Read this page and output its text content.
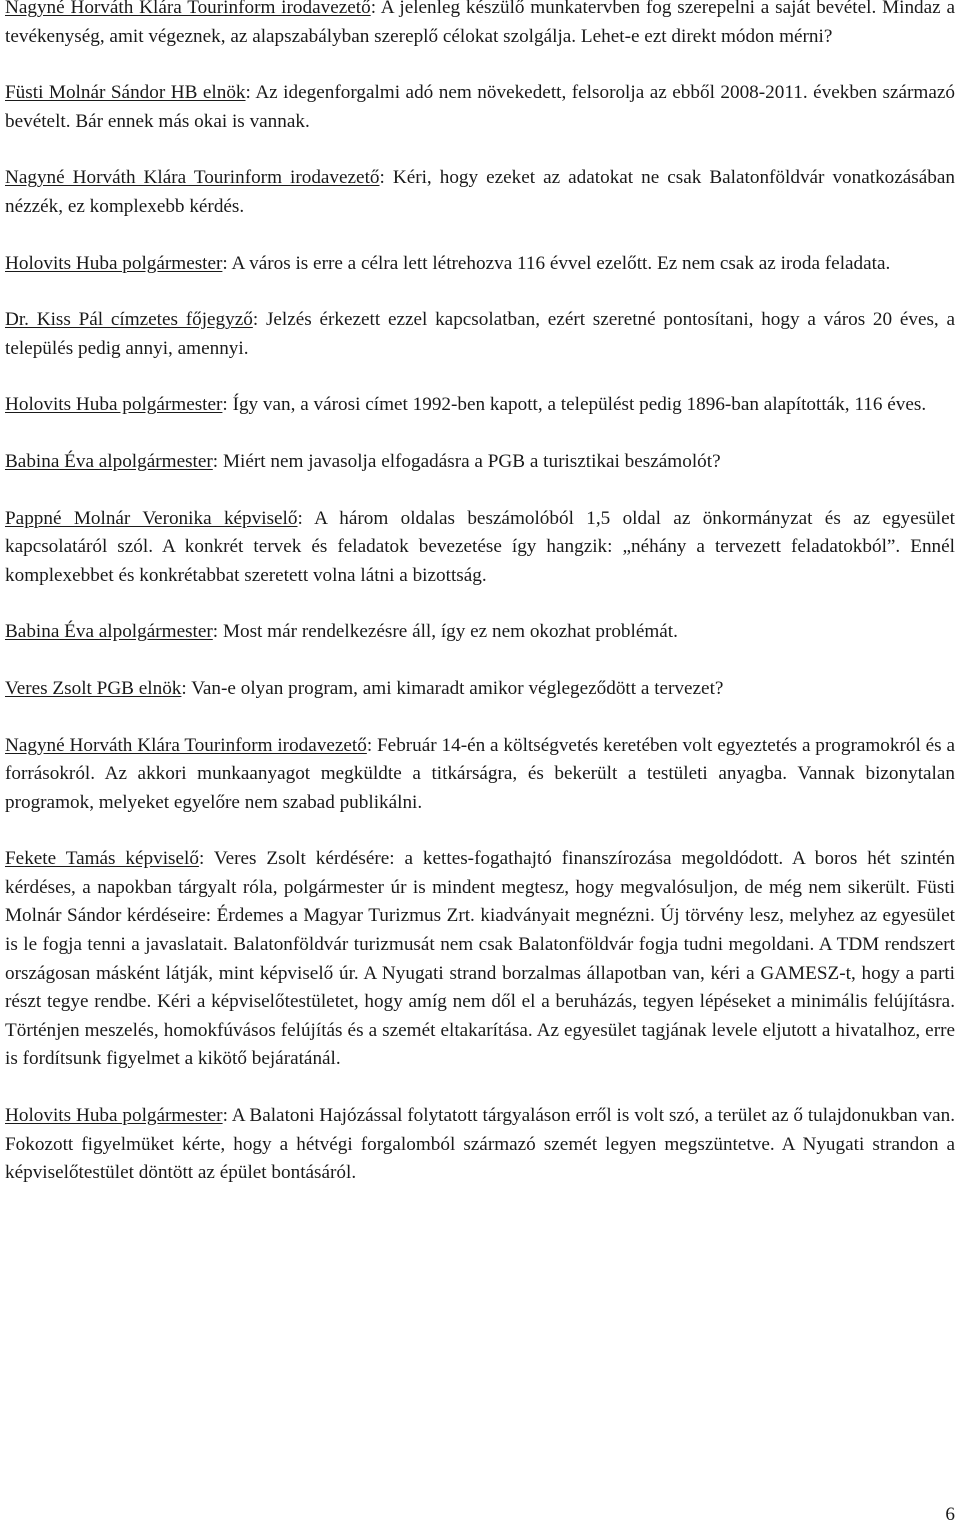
Nagyné Horváth Klára Tourinform irodavezető: A jelenleg készülő munkatervben fog szerepelni a saját bevétel. Mindaz a tevékenység, amit végeznek, az alapszabályban szereplő célokat szolgálja. Lehet-e ezt direkt módon mérni?

Füsti Molnár Sándor HB elnök: Az idegenforgalmi adó nem növekedett, felsorolja az ebből 2008-2011. években származó bevételt. Bár ennek más okai is vannak.

Nagyné Horváth Klára Tourinform irodavezető: Kéri, hogy ezeket az adatokat ne csak Balatonföldvár vonatkozásában nézzék, ez komplexebb kérdés.

Holovits Huba polgármester: A város is erre a célra lett létrehozva 116 évvel ezelőtt. Ez nem csak az iroda feladata.

Dr. Kiss Pál címzetes főjegyző: Jelzés érkezett ezzel kapcsolatban, ezért szeretné pontosítani, hogy a város 20 éves, a település pedig annyi, amennyi.

Holovits Huba polgármester: Így van, a városi címet 1992-ben kapott, a települést pedig 1896-ban alapították, 116 éves.

Babina Éva alpolgármester: Miért nem javasolja elfogadásra a PGB a turisztikai beszámolót?

Pappné Molnár Veronika képviselő: A három oldalas beszámolóból 1,5 oldal az önkormányzat és az egyesület kapcsolatáról szól. A konkrét tervek és feladatok bevezetése így hangzik: „néhány a tervezett feladatokból”. Ennél komplexebbet és konkrétabbat szeretett volna látni a bizottság.

Babina Éva alpolgármester: Most már rendelkezésre áll, így ez nem okozhat problémát.

Veres Zsolt PGB elnök: Van-e olyan program, ami kimaradt amikor véglegeződött a tervezet?

Nagyné Horváth Klára Tourinform irodavezető: Február 14-én a költségvetés keretében volt egyeztetés a programokról és a forrásokról. Az akkori munkaanyagot megküldte a titkárságra, és bekerült a testületi anyagba. Vannak bizonytalan programok, melyeket egyelőre nem szabad publikálni.

Fekete Tamás képviselő: Veres Zsolt kérdésére: a kettes-fogathajtó finanszírozása megoldódott. A boros hét szintén kérdéses, a napokban tárgyalt róla, polgármester úr is mindent megtesz, hogy megvalósuljon, de még nem sikerült. Füsti Molnár Sándor kérdéseire: Érdemes a Magyar Turizmus Zrt. kiadványait megnézni. Új törvény lesz, melyhez az egyesület is le fogja tenni a javaslatait. Balatonföldvár turizmusát nem csak Balatonföldvár fogja tudni megoldani. A TDM rendszert országosan másként látják, mint képviselő úr. A Nyugati strand borzalmas állapotban van, kéri a GAMESZ-t, hogy a parti részt tegye rendbe. Kéri a képviselőtestületet, hogy amíg nem dől el a beruházás, tegyen lépéseket a minimális felújításra. Történjen meszelés, homokfúvásos felújítás és a szemét eltakarítása. Az egyesület tagjának levele eljutott a hivatalhoz, erre is fordítsunk figyelmet a kikötő bejáratánál.

Holovits Huba polgármester: A Balatoni Hajózással folytatott tárgyaláson erről is volt szó, a terület az ő tulajdonukban van. Fokozott figyelmüket kérte, hogy a hétvégi forgalomból származó szemét legyen megszüntetve. A Nyugati strandon a képviselőtestület döntött az épület bontásáról.

6
